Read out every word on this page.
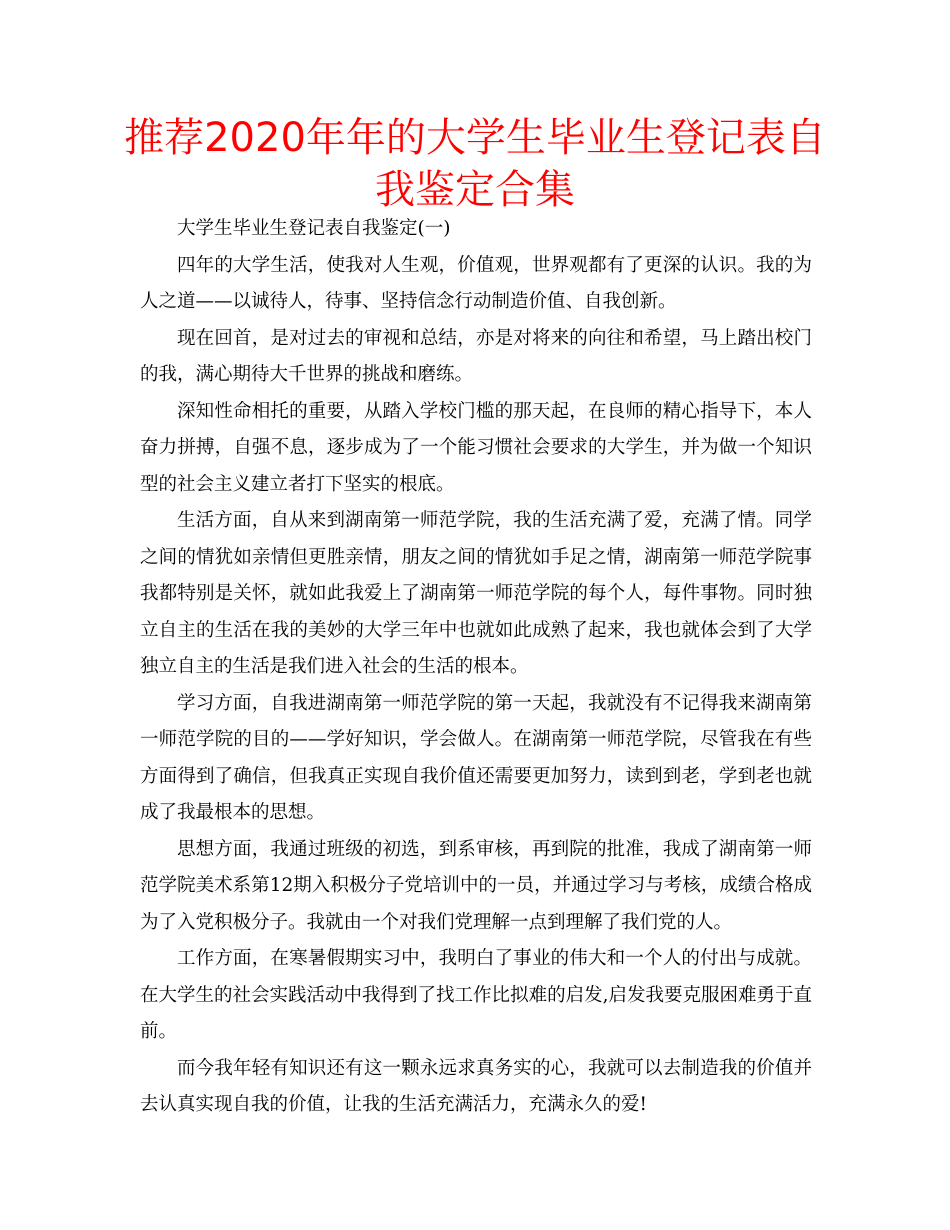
推荐2020年年的大学生毕业生登记表自我鉴定合集

大学生毕业生登记表自我鉴定(一)

四年的大学生活，使我对人生观，价值观，世界观都有了更深的认识。我的为人之道——以诚待人，待事、坚持信念行动制造价值、自我创新。

现在回首，是对过去的审视和总结，亦是对将来的向往和希望，马上踏出校门的我，满心期待大千世界的挑战和磨练。

深知性命相托的重要，从踏入学校门槛的那天起，在良师的精心指导下，本人奋力拼搏，自强不息，逐步成为了一个能习惯社会要求的大学生，并为做一个知识型的社会主义建立者打下坚实的根底。

生活方面，自从来到湖南第一师范学院，我的生活充满了爱，充满了情。同学之间的情犹如亲情但更胜亲情，朋友之间的情犹如手足之情，湖南第一师范学院事我都特别是关怀，就如此我爱上了湖南第一师范学院的每个人，每件事物。同时独立自主的生活在我的美妙的大学三年中也就如此成熟了起来，我也就体会到了大学独立自主的生活是我们进入社会的生活的根本。

学习方面，自我进湖南第一师范学院的第一天起，我就没有不记得我来湖南第一师范学院的目的——学好知识，学会做人。在湖南第一师范学院，尽管我在有些方面得到了确信，但我真正实现自我价值还需要更加努力，读到到老，学到老也就成了我最根本的思想。

思想方面，我通过班级的初选，到系审核，再到院的批准，我成了湖南第一师范学院美术系第12期入积极分子党培训中的一员，并通过学习与考核，成绩合格成为了入党积极分子。我就由一个对我们党理解一点到理解了我们党的人。

工作方面，在寒暑假期实习中，我明白了事业的伟大和一个人的付出与成就。在大学生的社会实践活动中我得到了找工作比拟难的启发,启发我要克服困难勇于直前。

而今我年轻有知识还有这一颗永远求真务实的心，我就可以去制造我的价值并去认真实现自我的价值，让我的生活充满活力，充满永久的爱!
